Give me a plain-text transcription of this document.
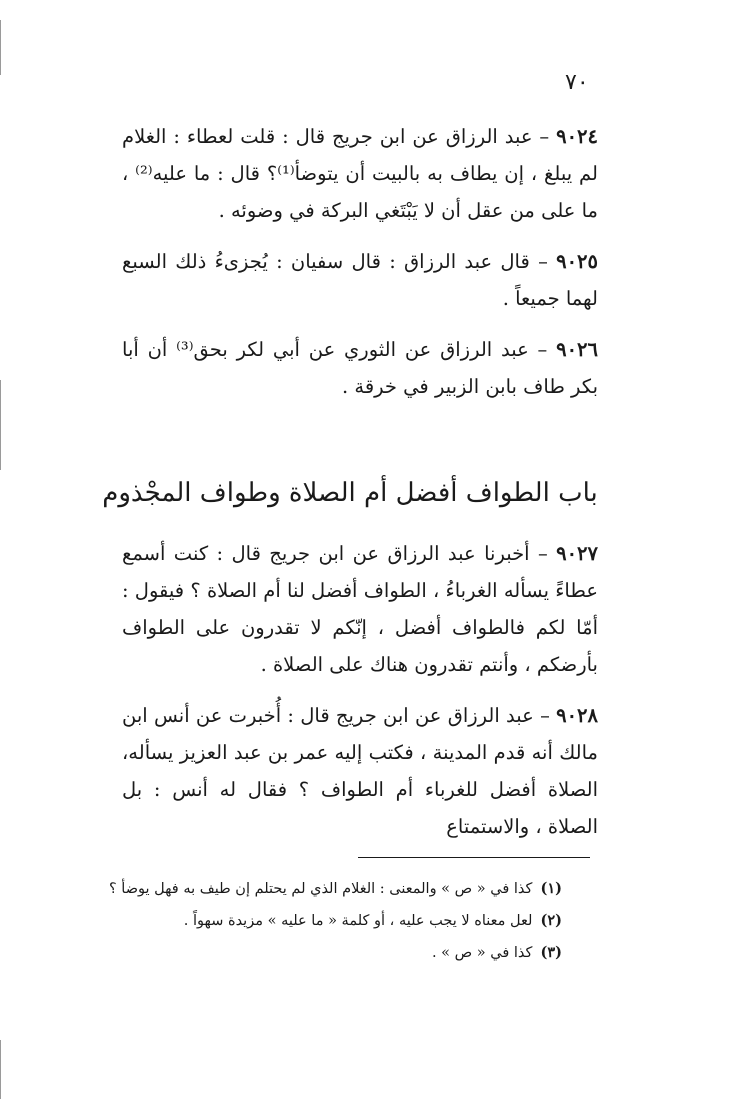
٧٠

٩٠٢٤ – عبد الرزاق عن ابن جريج قال : قلت لعطاء : الغلام لم يبلغ ، إن يطاف به بالبيت أن يتوضأ⁽¹⁾؟ قال : ما عليه⁽²⁾ ، ما على من عقل أن لا يَبْتَغي البركة في وضوئه .

٩٠٢٥ – قال عبد الرزاق : قال سفيان : يُجزىءُ ذلك السبع لهما جميعاً .

٩٠٢٦ – عبد الرزاق عن الثوري عن أبي لكر بحق⁽³⁾ أن أبا بكر طاف بابن الزبير في خرقة .

باب الطواف أفضل أم الصلاة وطواف المجْذوم

٩٠٢٧ – أخبرنا عبد الرزاق عن ابن جريج قال : كنت أسمع عطاءً يسأله الغرباءُ ، الطواف أفضل لنا أم الصلاة ؟ فيقول : أمّا لكم فالطواف أفضل ، إنّكم لا تقدرون على الطواف بأرضكم ، وأنتم تقدرون هناك على الصلاة .

٩٠٢٨ – عبد الرزاق عن ابن جريج قال : أُخبرت عن أنس ابن مالك أنه قدم المدينة ، فكتب إليه عمر بن عبد العزيز يسأله، الصلاة أفضل للغرباء أم الطواف ؟ فقال له أنس : بل الصلاة ، والاستمتاع

(١)كذا في « ص » والمعنى : الغلام الذي لم يحتلم إن طيف به فهل يوضأ ؟
(٢)لعل معناه لا يجب عليه ، أو كلمة « ما عليه » مزيدة سهواً .
(٣)كذا في « ص » .
